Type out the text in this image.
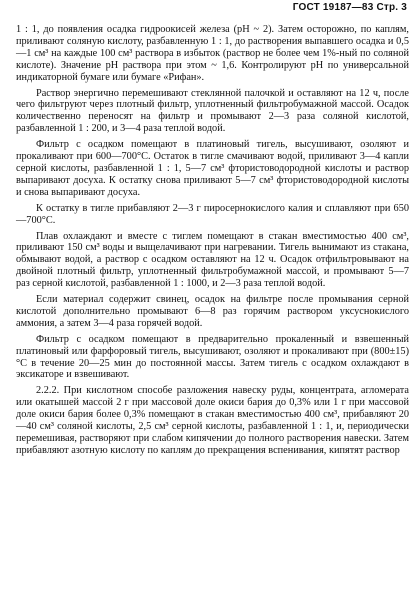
ГОСТ 19187—83 Стр. 3

1 : 1, до появления осадка гидроокисей железа (рН ~ 2). Затем осторожно, по каплям, приливают соляную кислоту, разбавленную 1 : 1, до растворения выпавшего осадка и 0,5—1 см³ на каждые 100 см³ раствора в избыток (раствор не более чем 1%-ный по соляной кислоте). Значение рН раствора при этом ~ 1,6. Контролируют рН по универсальной индикаторной бумаге или бумаге «Рифан».

Раствор энергично перемешивают стеклянной палочкой и оставляют на 12 ч, после чего фильтруют через плотный фильтр, уплотненный фильтробумажной массой. Осадок количественно переносят на фильтр и промывают 2—3 раза соляной кислотой, разбавленной 1 : 200, и 3—4 раза теплой водой.

Фильтр с осадком помещают в платиновый тигель, высушивают, озоляют и прокаливают при 600—700°С. Остаток в тигле смачивают водой, приливают 3—4 капли серной кислоты, разбавленной 1 : 1, 5—7 см³ фтористоводородной кислоты и раствор выпаривают досуха. К остатку снова приливают 5—7 см³ фтористоводородной кислоты и снова выпаривают досуха.

К остатку в тигле прибавляют 2—3 г пиросернокислого калия и сплавляют при 650—700°С.

Плав охлаждают и вместе с тиглем помещают в стакан вместимостью 400 см³, приливают 150 см³ воды и выщелачивают при нагревании. Тигель вынимают из стакана, обмывают водой, а раствор с осадком оставляют на 12 ч. Осадок отфильтровывают на двойной плотный фильтр, уплотненный фильтробумажной массой, и промывают 5—7 раз серной кислотой, разбавленной 1 : 1000, и 2—3 раза теплой водой.

Если материал содержит свинец, осадок на фильтре после промывания серной кислотой дополнительно промывают 6—8 раз горячим раствором уксуснокислого аммония, а затем 3—4 раза горячей водой.

Фильтр с осадком помещают в предварительно прокаленный и взвешенный платиновый или фарфоровый тигель, высушивают, озоляют и прокаливают при (800±15) °С в течение 20—25 мин до постоянной массы. Затем тигель с осадком охлаждают в эксикаторе и взвешивают.

2.2.2. При кислотном способе разложения навеску руды, концентрата, агломерата или окатышей массой 2 г при массовой доле окиси бария до 0,3% или 1 г при массовой доле окиси бария более 0,3% помещают в стакан вместимостью 400 см³, прибавляют 20—40 см³ соляной кислоты, 2,5 см³ серной кислоты, разбавленной 1 : 1, и, периодически перемешивая, растворяют при слабом кипячении до полного растворения навески. Затем прибавляют азотную кислоту по каплям до прекращения вспенивания, кипятят раствор
